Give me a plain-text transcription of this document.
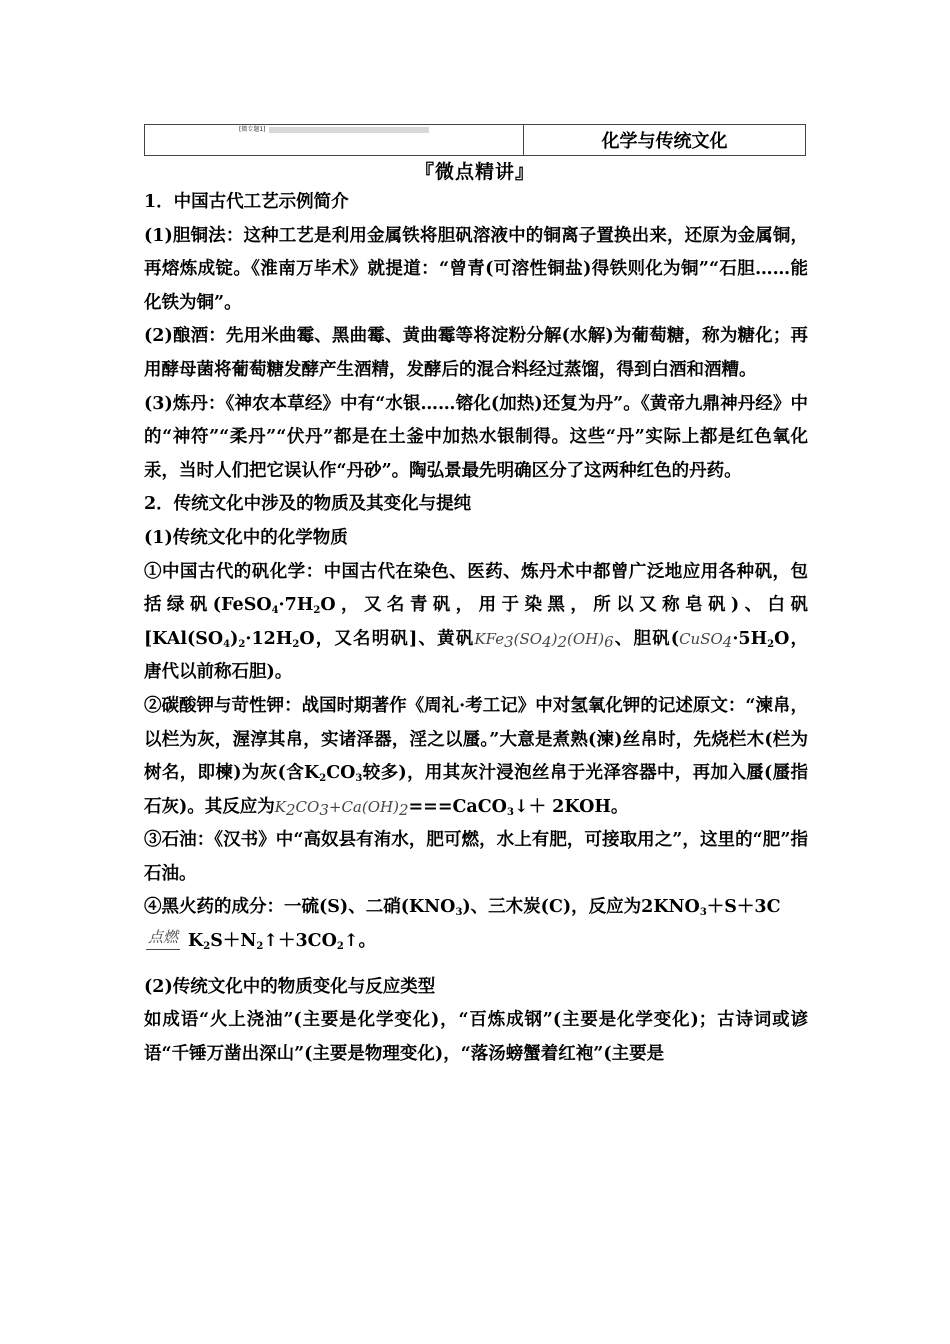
[微专题1]
化学与传统文化
『微点精讲』

1．中国古代工艺示例简介

(1)胆铜法：这种工艺是利用金属铁将胆矾溶液中的铜离子置换出来，还原为金属铜，再熔炼成锭。《淮南万毕术》就提道：“曾青(可溶性铜盐)得铁则化为铜”“石胆……能化铁为铜”。

(2)酿酒：先用米曲霉、黑曲霉、黄曲霉等将淀粉分解(水解)为葡萄糖，称为糖化；再用酵母菌将葡萄糖发酵产生酒精，发酵后的混合料经过蒸馏，得到白酒和酒糟。

(3)炼丹：《神农本草经》中有“水银……镕化(加热)还复为丹”。《黄帝九鼎神丹经》中的“神符”“柔丹”“伏丹”都是在土釜中加热水银制得。这些“丹”实际上都是红色氧化汞，当时人们把它误认作“丹砂”。陶弘景最先明确区分了这两种红色的丹药。

2．传统文化中涉及的物质及其变化与提纯

(1)传统文化中的化学物质

①中国古代的矾化学：中国古代在染色、医药、炼丹术中都曾广泛地应用各种矾，包括绿矾($FeSO_4\cdot 7H_2O$，又名青矾，用于染黑，所以又称皂矾)、白矾 [$KAl(SO_4)_2\cdot 12H_2O$，又名明矾]、黄矾$KFe_3(SO_4)_2(OH)_6$、胆矾($CuSO_4\cdot 5H_2O$，唐代以前称石胆)。

②碳酸钾与苛性钾：战国时期著作《周礼·考工记》中对氢氧化钾的记述原文：“湅帛，以栏为灰，渥淳其帛，实诸泽器，淫之以蜃。”大意是煮熟(湅)丝帛时，先烧栏木(栏为树名，即楝)为灰(含$K_2CO_3$较多)，用其灰汁浸泡丝帛于光泽容器中，再加入蜃(蜃指石灰)。其反应为$K_2CO_3+Ca(OH)_2===CaCO_3↓+ 2KOH$。

③石油：《汉书》中“高奴县有洧水，肥可燃，水上有肥，可接取用之”，这里的“肥”指石油。

④黑火药的成分：一硫(S)、二硝$(KNO_3)$、三木炭(C)，反应为$2KNO_3+S+3C$

点燃 $K_2S+N_2↑+3CO_2↑$。

(2)传统文化中的物质变化与反应类型

如成语“火上浇油”(主要是化学变化)，“百炼成钢”(主要是化学变化)；古诗词或谚语“千锤万凿出深山”(主要是物理变化)，“落汤螃蟹着红袍”(主要是
